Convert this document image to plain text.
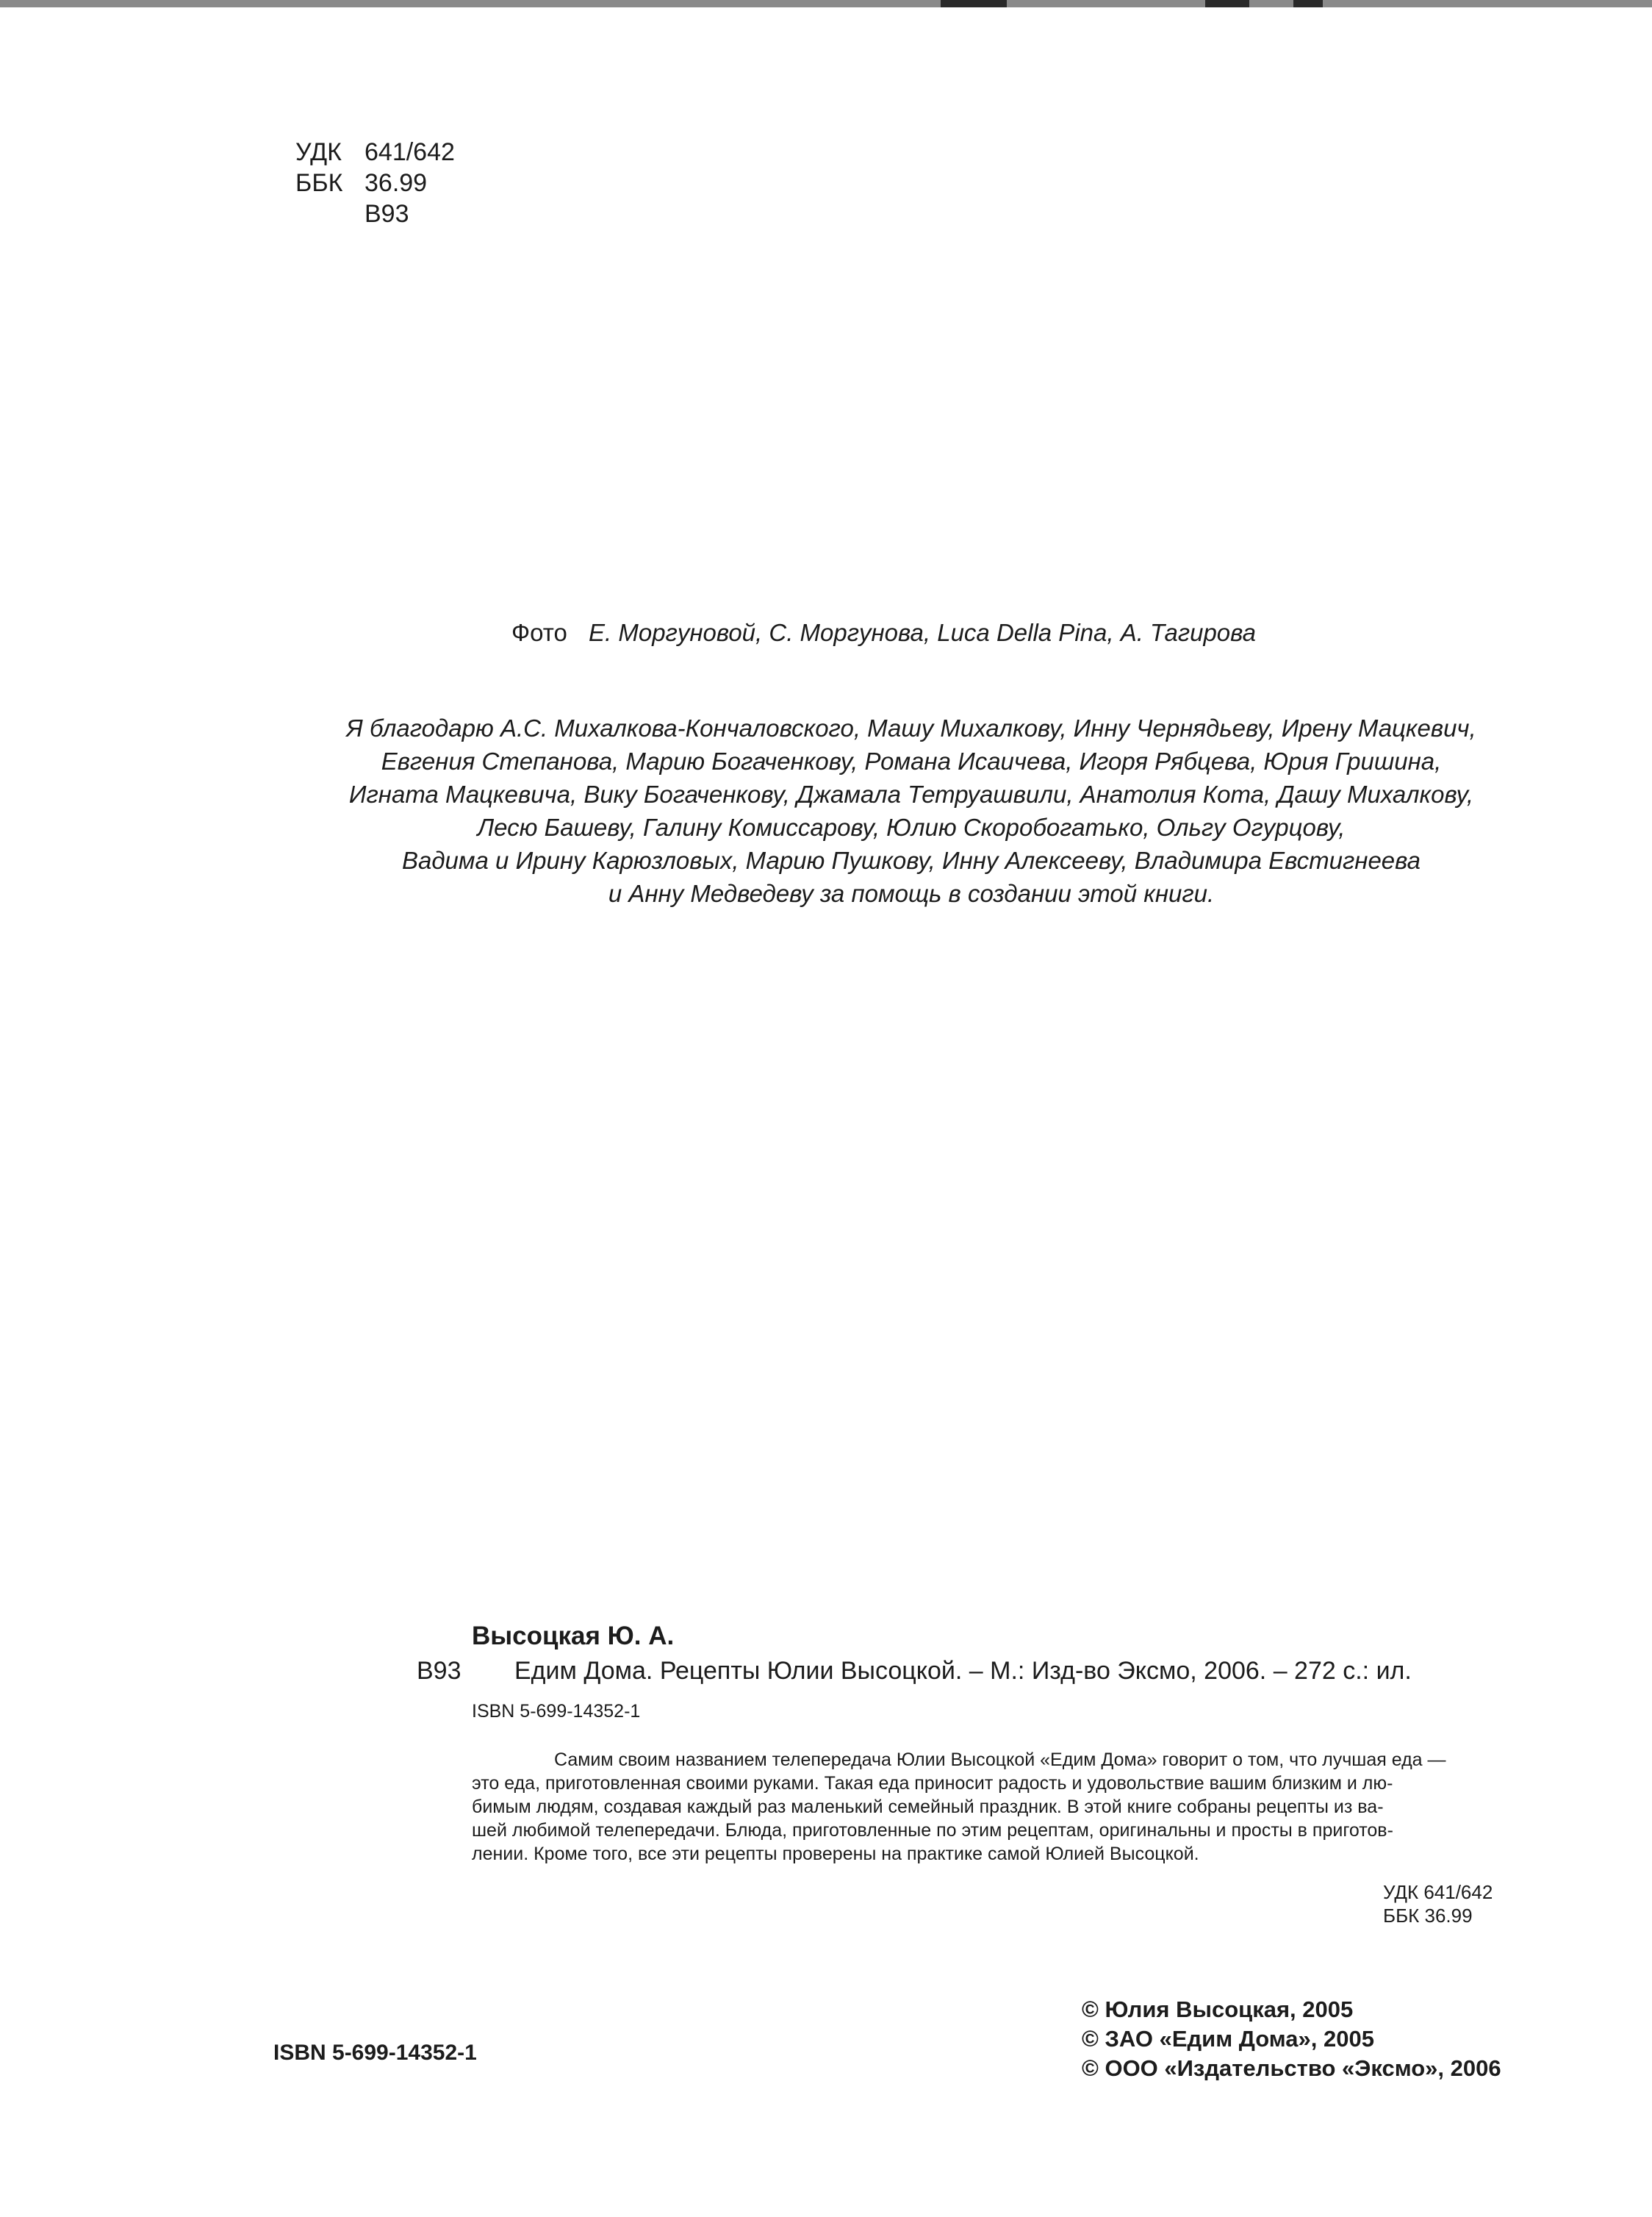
УДК 641/642
ББК 36.99
В93
Фото Е. Моргуновой, С. Моргунова, Luca Della Pina, А. Тагирова
Я благодарю А.С. Михалкова-Кончаловского, Машу Михалкову, Инну Чернядьеву, Ирену Мацкевич,
Евгения Степанова, Марию Богаченкову, Романа Исаичева, Игоря Рябцева, Юрия Гришина,
Игната Мацкевича, Вику Богаченкову, Джамала Тетруашвили, Анатолия Кота, Дашу Михалкову,
Лесю Башеву, Галину Комиссарову, Юлию Скоробогатько, Ольгу Огурцову,
Вадима и Ирину Карюзловых, Марию Пушкову, Инну Алексееву, Владимира Евстигнеева
и Анну Медведеву за помощь в создании этой книги.
Высоцкая Ю. А.
В93 Едим Дома. Рецепты Юлии Высоцкой. – М.: Изд-во Эксмо, 2006. – 272 с.: ил.
ISBN 5-699-14352-1
Самим своим названием телепередача Юлии Высоцкой «Едим Дома» говорит о том, что лучшая еда —
это еда, приготовленная своими руками. Такая еда приносит радость и удовольствие вашим близким и лю-
бимым людям, создавая каждый раз маленький семейный праздник. В этой книге собраны рецепты из ва-
шей любимой телепередачи. Блюда, приготовленные по этим рецептам, оригинальны и просты в приготов-
лении. Кроме того, все эти рецепты проверены на практике самой Юлией Высоцкой.
УДК 641/642
ББК 36.99
ISBN 5-699-14352-1
© Юлия Высоцкая, 2005
© ЗАО «Едим Дома», 2005
© ООО «Издательство «Эксмо», 2006
